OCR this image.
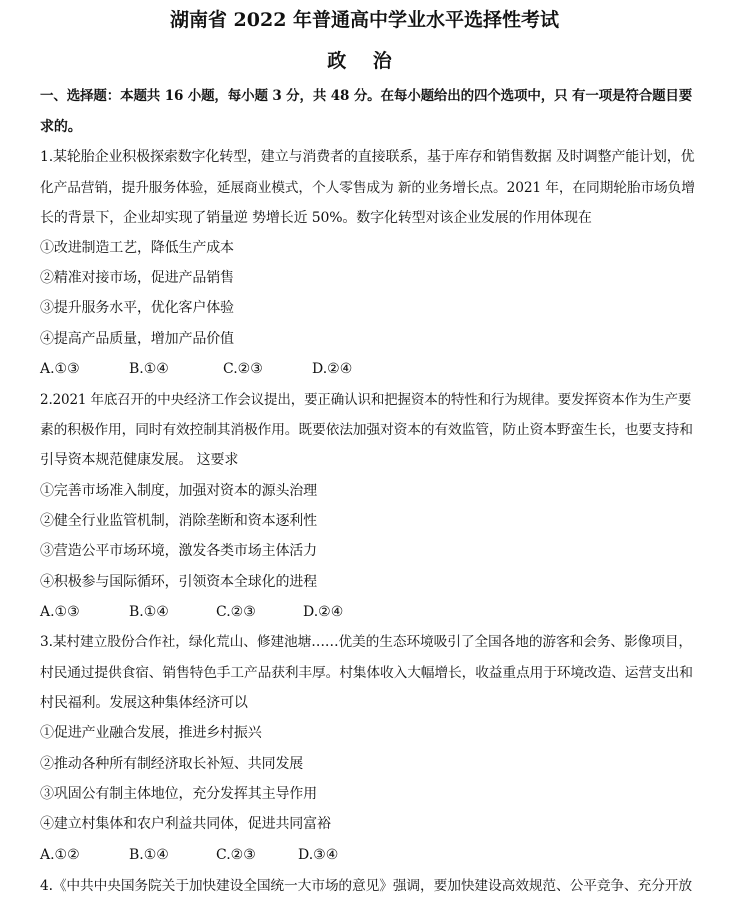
湖南省 2022 年普通高中学业水平选择性考试
政 治
一、选择题：本题共 16 小题，每小题 3 分，共 48 分。在每小题给出的四个选项中，只 有一项是符合题目要
求的。
1.某轮胎企业积极探索数字化转型，建立与消费者的直接联系，基于库存和销售数据 及时调整产能计划，优
化产品营销，提升服务体验，延展商业模式，个人零售成为 新的业务增长点。2021 年，在同期轮胎市场负增
长的背景下，企业却实现了销量逆 势增长近 50%。数字化转型对该企业发展的作用体现在
①改进制造工艺，降低生产成本
②精准对接市场，促进产品销售
③提升服务水平，优化客户体验
④提高产品质量，增加产品价值
A.①③	B.①④	C.②③	D.②④
2.2021 年底召开的中央经济工作会议提出，要正确认识和把握资本的特性和行为规律。要发挥资本作为生产要
素的积极作用，同时有效控制其消极作用。既要依法加强对资本的有效监管，防止资本野蛮生长，也要支持和
引导资本规范健康发展。 这要求
①完善市场准入制度，加强对资本的源头治理
②健全行业监管机制，消除垄断和资本逐利性
③营造公平市场环境，激发各类市场主体活力
④积极参与国际循环，引领资本全球化的进程
A.①③	B.①④	C.②③	D.②④
3.某村建立股份合作社，绿化荒山、修建池塘……优美的生态环境吸引了全国各地的游客和会务、影像项目，
村民通过提供食宿、销售特色手工产品获利丰厚。村集体收入大幅增长，收益重点用于环境改造、运营支出和
村民福利。发展这种集体经济可以
①促进产业融合发展，推进乡村振兴
②推动各种所有制经济取长补短、共同发展
③巩固公有制主体地位，充分发挥其主导作用
④建立村集体和农户利益共同体，促进共同富裕
A.①②	B.①④	C.②③	D.③④
4.《中共中央国务院关于加快建设全国统一大市场的意见》强调，要加快建设高效规范、公平竞争、充分开放
